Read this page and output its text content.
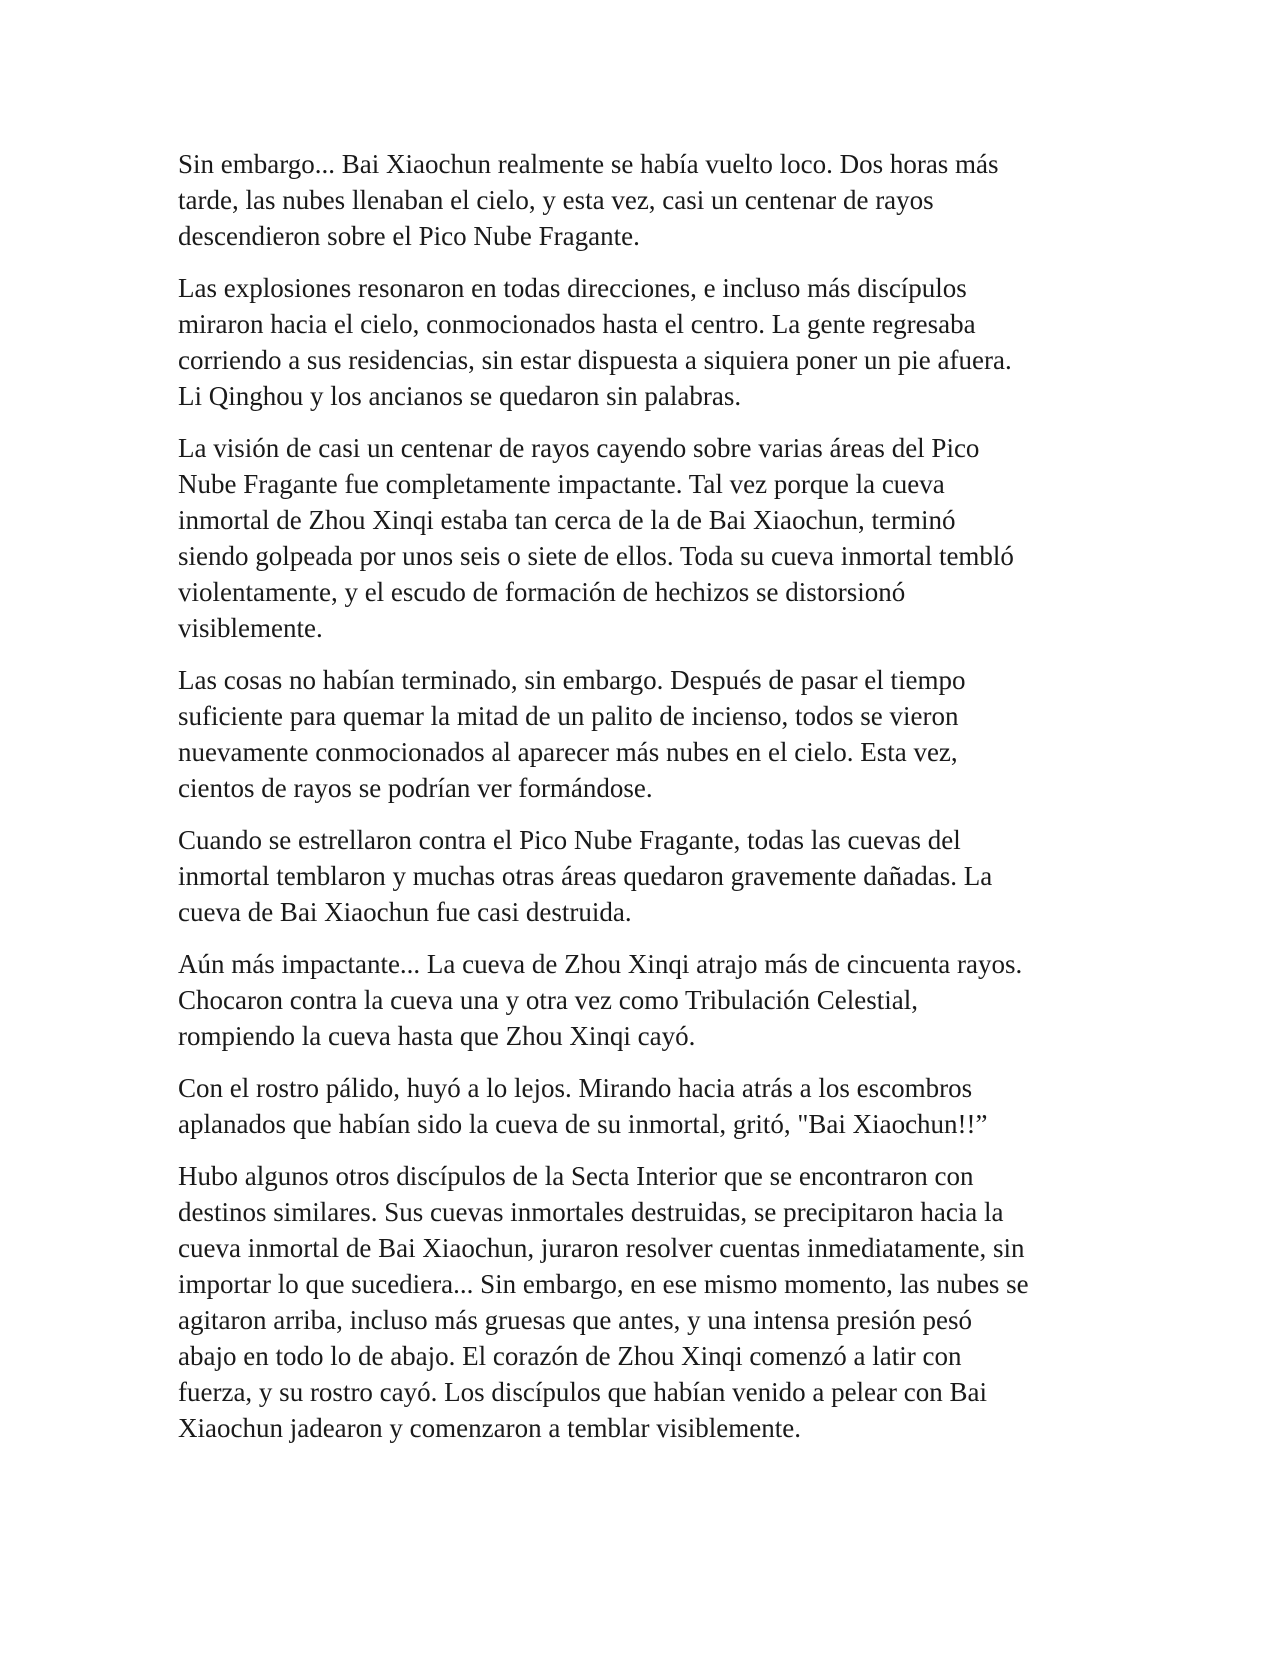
Sin embargo... Bai Xiaochun realmente se había vuelto loco. Dos horas más
tarde, las nubes llenaban el cielo, y esta vez, casi un centenar de rayos
descendieron sobre el Pico Nube Fragante.

Las explosiones resonaron en todas direcciones, e incluso más discípulos
miraron hacia el cielo, conmocionados hasta el centro. La gente regresaba
corriendo a sus residencias, sin estar dispuesta a siquiera poner un pie afuera.
Li Qinghou y los ancianos se quedaron sin palabras.

La visión de casi un centenar de rayos cayendo sobre varias áreas del Pico
Nube Fragante fue completamente impactante. Tal vez porque la cueva
inmortal de Zhou Xinqi estaba tan cerca de la de Bai Xiaochun, terminó
siendo golpeada por unos seis o siete de ellos. Toda su cueva inmortal tembló
violentamente, y el escudo de formación de hechizos se distorsionó
visiblemente.

Las cosas no habían terminado, sin embargo. Después de pasar el tiempo
suficiente para quemar la mitad de un palito de incienso, todos se vieron
nuevamente conmocionados al aparecer más nubes en el cielo. Esta vez,
cientos de rayos se podrían ver formándose.

Cuando se estrellaron contra el Pico Nube Fragante, todas las cuevas del
inmortal temblaron y muchas otras áreas quedaron gravemente dañadas. La
cueva de Bai Xiaochun fue casi destruida.

Aún más impactante... La cueva de Zhou Xinqi atrajo más de cincuenta rayos.
Chocaron contra la cueva una y otra vez como Tribulación Celestial,
rompiendo la cueva hasta que Zhou Xinqi cayó.

Con el rostro pálido, huyó a lo lejos. Mirando hacia atrás a los escombros
aplanados que habían sido la cueva de su inmortal, gritó, "Bai Xiaochun!!”

Hubo algunos otros discípulos de la Secta Interior que se encontraron con
destinos similares. Sus cuevas inmortales destruidas, se precipitaron hacia la
cueva inmortal de Bai Xiaochun, juraron resolver cuentas inmediatamente, sin
importar lo que sucediera... Sin embargo, en ese mismo momento, las nubes se
agitaron arriba, incluso más gruesas que antes, y una intensa presión pesó
abajo en todo lo de abajo. El corazón de Zhou Xinqi comenzó a latir con
fuerza, y su rostro cayó. Los discípulos que habían venido a pelear con Bai
Xiaochun jadearon y comenzaron a temblar visiblemente.
